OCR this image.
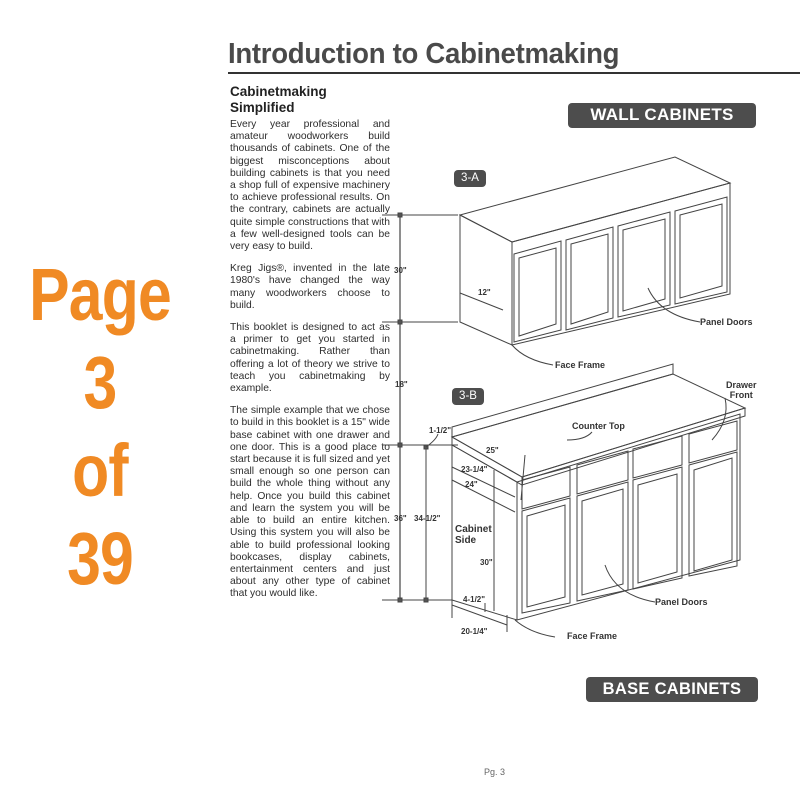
Page
3
of
39
Introduction to Cabinetmaking
Cabinetmaking
Simplified

Every year professional and amateur woodworkers build thousands of cabinets. One of the biggest misconceptions about building cabinets is that you need a shop full of expensive machinery to achieve professional results. On the contrary, cabinets are actually quite simple constructions that with a few well-designed tools can be very easy to build.

Kreg Jigs®, invented in the late 1980's have changed the way many woodworkers choose to build.

This booklet is designed to act as a primer to get you started in cabinetmaking. Rather than offering a lot of theory we strive to teach you cabinetmaking by example.

The simple example that we chose to build in this booklet is a 15" wide base cabinet with one drawer and one door. This is a good place to start because it is full sized and yet small enough so one person can build the whole thing without any help. Once you build this cabinet and learn the system you will be able to build an entire kitchen. Using this system you will also be able to build professional looking bookcases, display cabinets, entertainment centers and just about any other type of cabinet that you would like.

WALL CABINETS
BASE CABINETS
3-A
3-B
30"
12"
Panel Doors
Face Frame
18"
Counter Top
Drawer
Front
1-1/2"
25"
23-1/4"
24"
36" 34-1/2"
Cabinet
Side
30"
4-1/2"
20-1/4"
Panel Doors
Face Frame
Pg. 3
